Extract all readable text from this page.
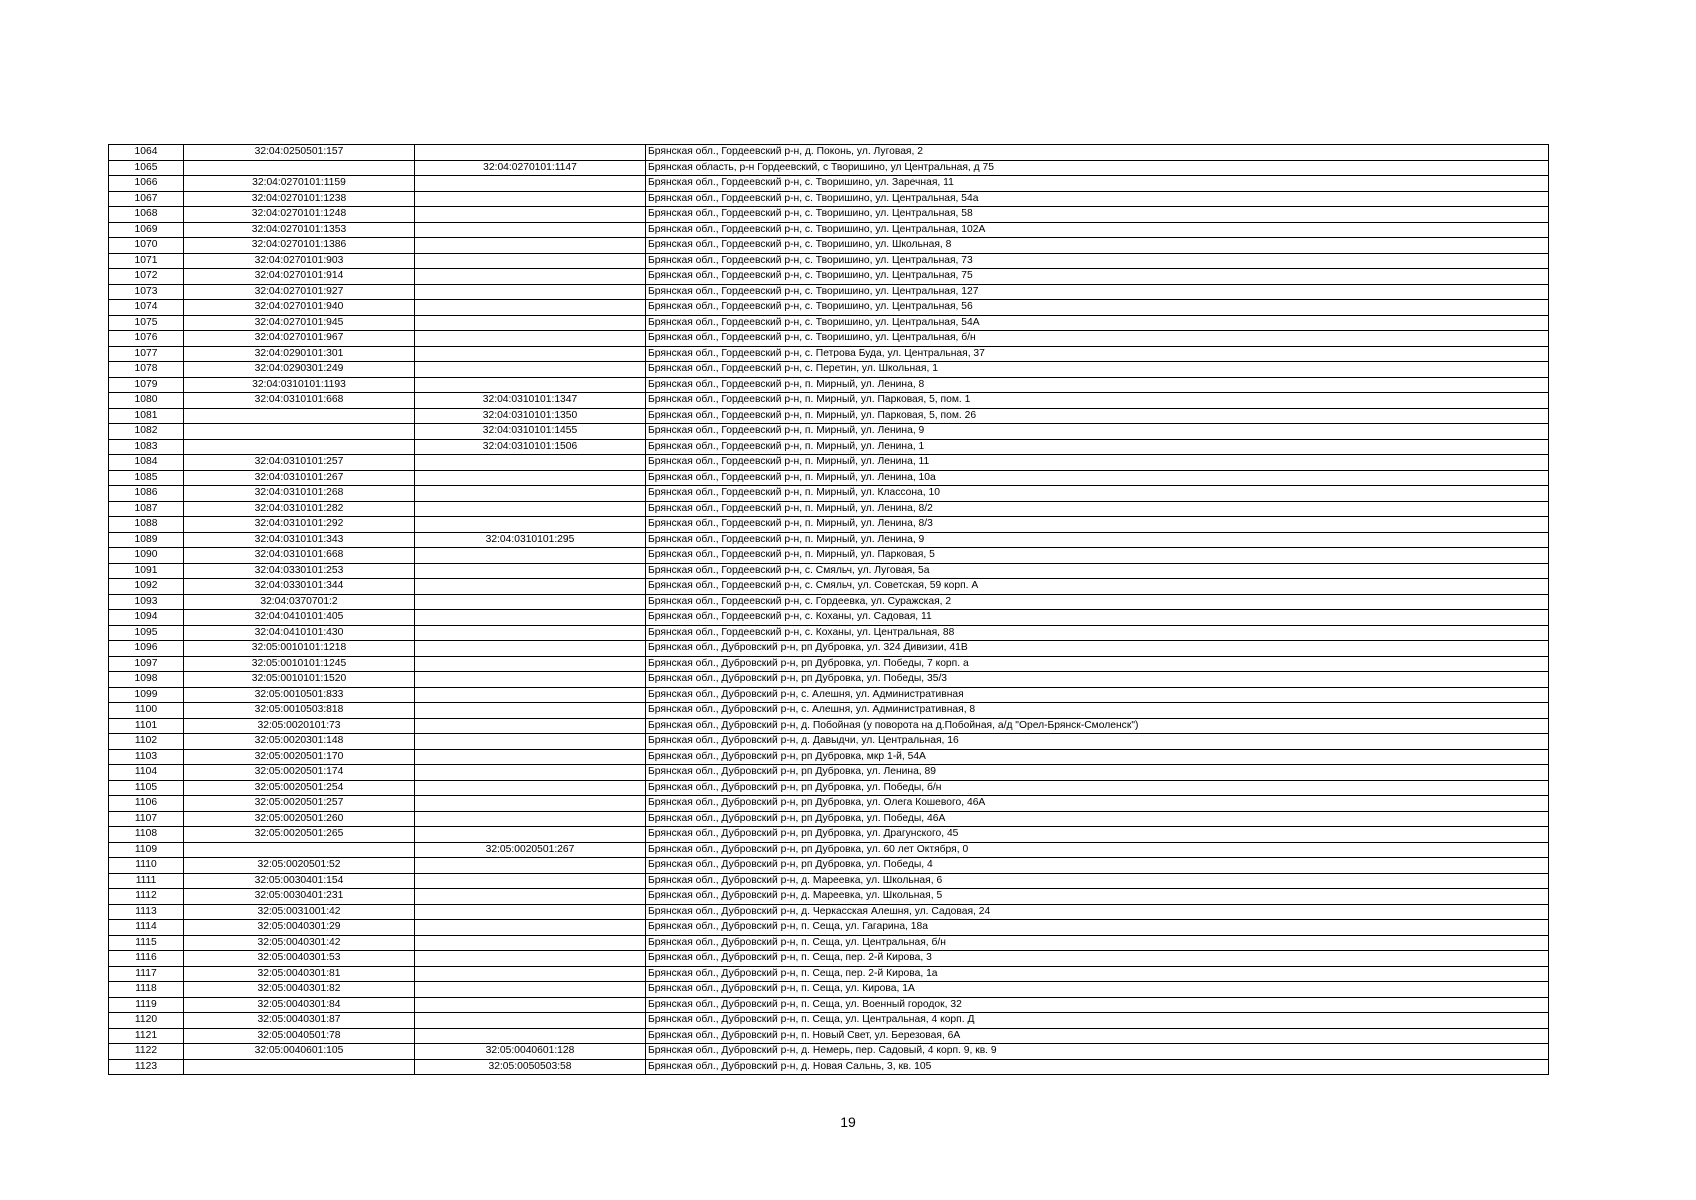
1064	32:04:0250501:157		Брянская обл., Гордеевский р-н, д. Поконь, ул. Луговая, 2
1065		32:04:0270101:1147	Брянская область, р-н Гордеевский, с Творишино, ул Центральная, д 75
1066	32:04:0270101:1159		Брянская обл., Гордеевский р-н, с. Творишино, ул. Заречная, 11
1067	32:04:0270101:1238		Брянская обл., Гордеевский р-н, с. Творишино, ул. Центральная, 54а
1068	32:04:0270101:1248		Брянская обл., Гордеевский р-н, с. Творишино, ул. Центральная, 58
1069	32:04:0270101:1353		Брянская обл., Гордеевский р-н, с. Творишино, ул. Центральная, 102А
1070	32:04:0270101:1386		Брянская обл., Гордеевский р-н, с. Творишино, ул. Школьная, 8
1071	32:04:0270101:903		Брянская обл., Гордеевский р-н, с. Творишино, ул. Центральная, 73
1072	32:04:0270101:914		Брянская обл., Гордеевский р-н, с. Творишино, ул. Центральная, 75
1073	32:04:0270101:927		Брянская обл., Гордеевский р-н, с. Творишино, ул. Центральная, 127
1074	32:04:0270101:940		Брянская обл., Гордеевский р-н, с. Творишино, ул. Центральная, 56
1075	32:04:0270101:945		Брянская обл., Гордеевский р-н, с. Творишино, ул. Центральная, 54А
1076	32:04:0270101:967		Брянская обл., Гордеевский р-н, с. Творишино, ул. Центральная, б/н
1077	32:04:0290101:301		Брянская обл., Гордеевский р-н, с. Петрова Буда, ул. Центральная, 37
1078	32:04:0290301:249		Брянская обл., Гордеевский р-н, с. Перетин, ул. Школьная, 1
1079	32:04:0310101:1193		Брянская обл., Гордеевский р-н, п. Мирный, ул. Ленина, 8
1080	32:04:0310101:668	32:04:0310101:1347	Брянская обл., Гордеевский р-н, п. Мирный, ул. Парковая, 5, пом. 1
1081		32:04:0310101:1350	Брянская обл., Гордеевский р-н, п. Мирный, ул. Парковая, 5, пом. 26
1082		32:04:0310101:1455	Брянская обл., Гордеевский р-н, п. Мирный, ул. Ленина, 9
1083		32:04:0310101:1506	Брянская обл., Гордеевский р-н, п. Мирный, ул. Ленина, 1
1084	32:04:0310101:257		Брянская обл., Гордеевский р-н, п. Мирный, ул. Ленина, 11
1085	32:04:0310101:267		Брянская обл., Гордеевский р-н, п. Мирный, ул. Ленина, 10а
1086	32:04:0310101:268		Брянская обл., Гордеевский р-н, п. Мирный, ул. Классона, 10
1087	32:04:0310101:282		Брянская обл., Гордеевский р-н, п. Мирный, ул. Ленина, 8/2
1088	32:04:0310101:292		Брянская обл., Гордеевский р-н, п. Мирный, ул. Ленина, 8/3
1089	32:04:0310101:343	32:04:0310101:295	Брянская обл., Гордеевский р-н, п. Мирный, ул. Ленина, 9
1090	32:04:0310101:668		Брянская обл., Гордеевский р-н, п. Мирный, ул. Парковая, 5
1091	32:04:0330101:253		Брянская обл., Гордеевский р-н, с. Смяльч, ул. Луговая, 5а
1092	32:04:0330101:344		Брянская обл., Гордеевский р-н, с. Смяльч, ул. Советская, 59 корп. А
1093	32:04:0370701:2		Брянская обл., Гордеевский р-н, с. Гордеевка, ул. Суражская, 2
1094	32:04:0410101:405		Брянская обл., Гордеевский р-н, с. Коханы, ул. Садовая, 11
1095	32:04:0410101:430		Брянская обл., Гордеевский р-н, с. Коханы, ул. Центральная, 88
1096	32:05:0010101:1218		Брянская обл., Дубровский р-н, рп Дубровка, ул. 324 Дивизии, 41В
1097	32:05:0010101:1245		Брянская обл., Дубровский р-н, рп Дубровка, ул. Победы, 7 корп. а
1098	32:05:0010101:1520		Брянская обл., Дубровский р-н, рп Дубровка, ул. Победы, 35/3
1099	32:05:0010501:833		Брянская обл., Дубровский р-н, с. Алешня, ул. Административная
1100	32:05:0010503:818		Брянская обл., Дубровский р-н, с. Алешня, ул. Административная, 8
1101	32:05:0020101:73		Брянская обл., Дубровский р-н, д. Побойная (у поворота на д.Побойная, а/д "Орел-Брянск-Смоленск")
1102	32:05:0020301:148		Брянская обл., Дубровский р-н, д. Давыдчи, ул. Центральная, 16
1103	32:05:0020501:170		Брянская обл., Дубровский р-н, рп Дубровка, мкр 1-й, 54А
1104	32:05:0020501:174		Брянская обл., Дубровский р-н, рп Дубровка, ул. Ленина, 89
1105	32:05:0020501:254		Брянская обл., Дубровский р-н, рп Дубровка, ул. Победы, б/н
1106	32:05:0020501:257		Брянская обл., Дубровский р-н, рп Дубровка, ул. Олега Кошевого, 46А
1107	32:05:0020501:260		Брянская обл., Дубровский р-н, рп Дубровка, ул. Победы, 46А
1108	32:05:0020501:265		Брянская обл., Дубровский р-н, рп Дубровка, ул. Драгунского, 45
1109		32:05:0020501:267	Брянская обл., Дубровский р-н, рп Дубровка, ул. 60 лет Октября, 0
1110	32:05:0020501:52		Брянская обл., Дубровский р-н, рп Дубровка, ул. Победы, 4
1111	32:05:0030401:154		Брянская обл., Дубровский р-н, д. Мареевка, ул. Школьная, 6
1112	32:05:0030401:231		Брянская обл., Дубровский р-н, д. Мареевка, ул. Школьная, 5
1113	32:05:0031001:42		Брянская обл., Дубровский р-н, д. Черкасская Алешня, ул. Садовая, 24
1114	32:05:0040301:29		Брянская обл., Дубровский р-н, п. Сеща, ул. Гагарина, 18а
1115	32:05:0040301:42		Брянская обл., Дубровский р-н, п. Сеща, ул. Центральная, б/н
1116	32:05:0040301:53		Брянская обл., Дубровский р-н, п. Сеща, пер. 2-й Кирова, 3
1117	32:05:0040301:81		Брянская обл., Дубровский р-н, п. Сеща, пер. 2-й Кирова, 1а
1118	32:05:0040301:82		Брянская обл., Дубровский р-н, п. Сеща, ул. Кирова, 1А
1119	32:05:0040301:84		Брянская обл., Дубровский р-н, п. Сеща, ул. Военный городок, 32
1120	32:05:0040301:87		Брянская обл., Дубровский р-н, п. Сеща, ул. Центральная, 4 корп. Д
1121	32:05:0040501:78		Брянская обл., Дубровский р-н, п. Новый Свет, ул. Березовая, 6А
1122	32:05:0040601:105	32:05:0040601:128	Брянская обл., Дубровский р-н, д. Немерь, пер. Садовый, 4 корп. 9, кв. 9
1123		32:05:0050503:58	Брянская обл., Дубровский р-н, д. Новая Сальнь, 3, кв. 105
19
